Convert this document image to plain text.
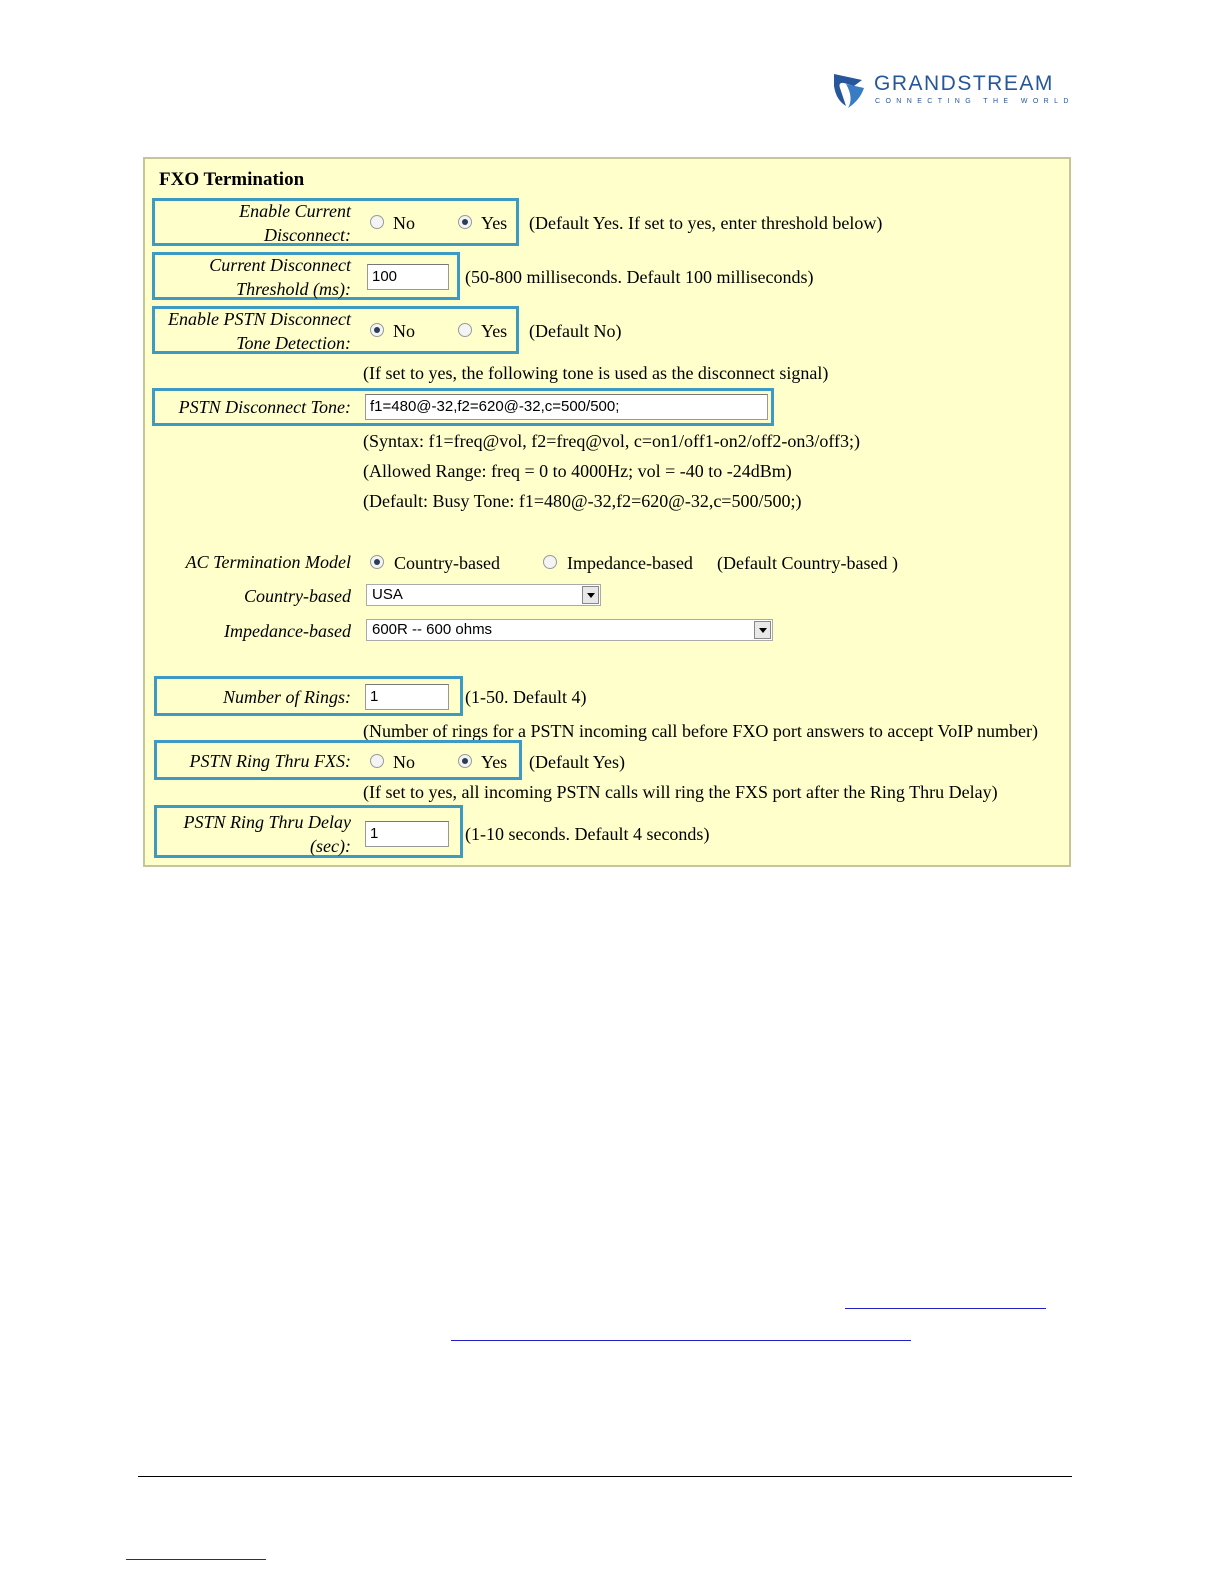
GRANDSTREAM
CONNECTING THE WORLD
FXO Termination
Enable Current
Disconnect:
No	Yes (Default Yes. If set to yes, enter threshold below)
Current Disconnect
Threshold (ms):
100	(50-800 milliseconds. Default 100 milliseconds)
Enable PSTN Disconnect
Tone Detection:
No	Yes (Default No)
(If set to yes, the following tone is used as the disconnect signal)
PSTN Disconnect Tone:	f1=480@-32,f2=620@-32,c=500/500;
(Syntax: f1=freq@vol, f2=freq@vol, c=on1/off1-on2/off2-on3/off3;)
(Allowed Range: freq = 0 to 4000Hz; vol = -40 to -24dBm)
(Default: Busy Tone: f1=480@-32,f2=620@-32,c=500/500;)
AC Termination Model Country-based	Impedance-based (Default Country-based )
Country-based	USA
Impedance-based	600R -- 600 ohms
Number of Rings:	1	(1-50. Default 4)
(Number of rings for a PSTN incoming call before FXO port answers to accept VoIP number)
PSTN Ring Thru FXS: No	Yes (Default Yes)
(If set to yes, all incoming PSTN calls will ring the FXS port after the Ring Thru Delay)
PSTN Ring Thru Delay
(sec):
1	(1-10 seconds. Default 4 seconds)
